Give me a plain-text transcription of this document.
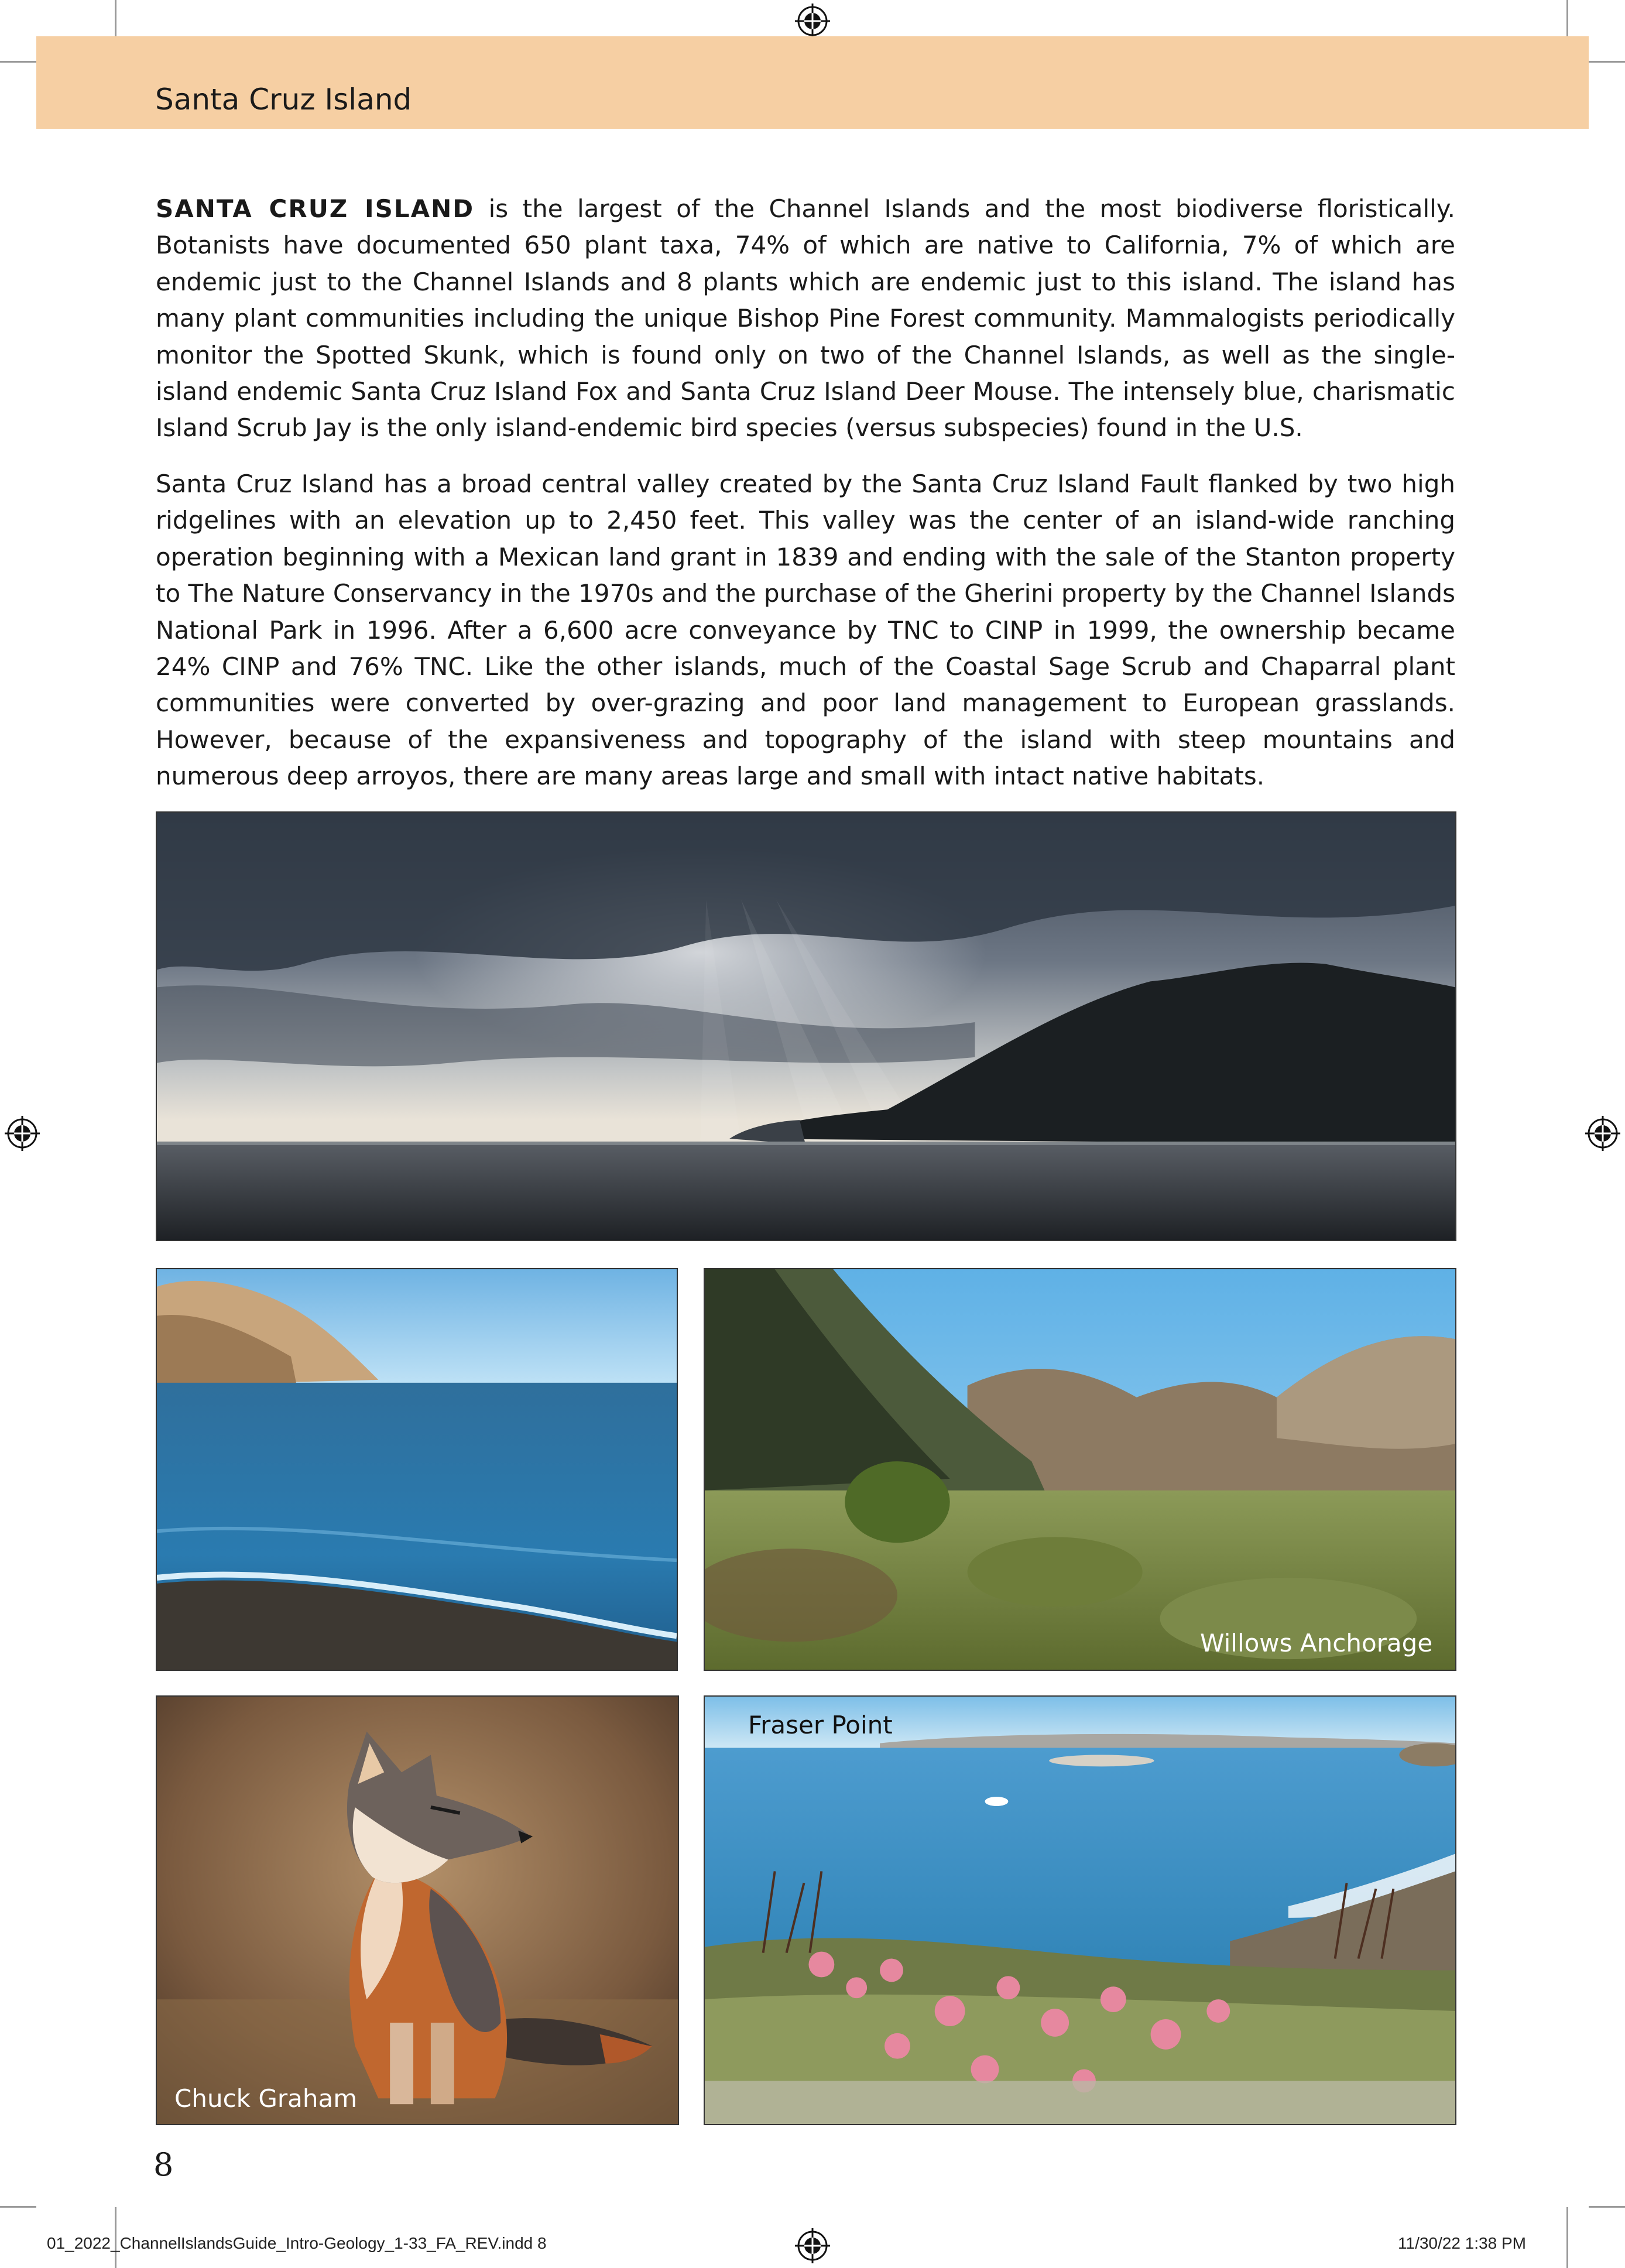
Santa Cruz Island
SANTA CRUZ ISLAND is the largest of the Channel Islands and the most biodiverse floristically. Botanists have documented 650 plant taxa, 74% of which are native to California, 7% of which are endemic just to the Channel Islands and 8 plants which are endemic just to this island. The island has many plant communities including the unique Bishop Pine Forest community. Mammalogists periodically monitor the Spotted Skunk, which is found only on two of the Channel Islands, as well as the single-island endemic Santa Cruz Island Fox and Santa Cruz Island Deer Mouse. The intensely blue, charismatic Island Scrub Jay is the only island-endemic bird species (versus subspecies) found in the U.S.
Santa Cruz Island has a broad central valley created by the Santa Cruz Island Fault flanked by two high ridgelines with an elevation up to 2,450 feet. This valley was the center of an island-wide ranching operation beginning with a Mexican land grant in 1839 and ending with the sale of the Stanton property to The Nature Conservancy in the 1970s and the purchase of the Gherini property by the Channel Islands National Park in 1996. After a 6,600 acre conveyance by TNC to CINP in 1999, the ownership became 24% CINP and 76% TNC. Like the other islands, much of the Coastal Sage Scrub and Chaparral plant communities were converted by over-grazing and poor land management to European grasslands. However, because of the expansiveness and topography of the island with steep mountains and numerous deep arroyos, there are many areas large and small with intact native habitats.
Willows Anchorage
Chuck Graham
Fraser Point
8
01_2022_ChannelIslandsGuide_Intro-Geology_1-33_FA_REV.indd 8	11/30/22 1:38 PM
